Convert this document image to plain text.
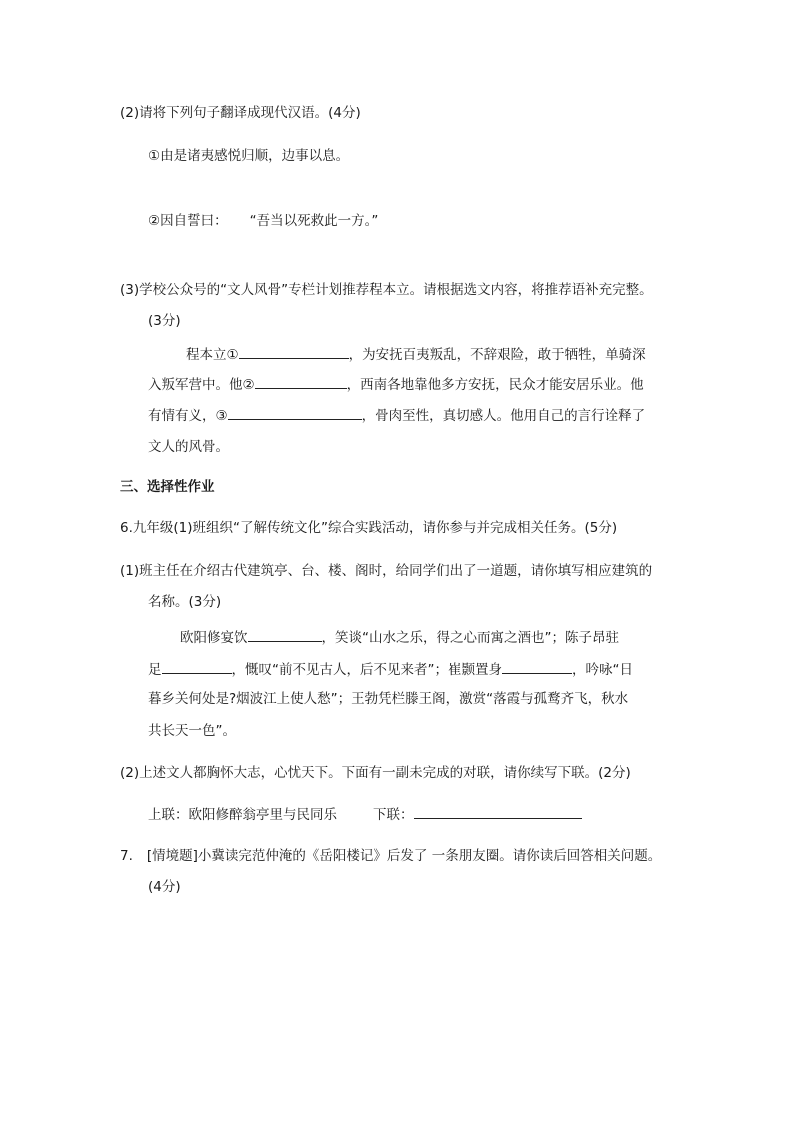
(2)请将下列句子翻译成现代汉语。(4分)
①由是诸夷感悦归顺，边事以息。
②因自誓曰： “吾当以死救此一方。”
(3)学校公众号的“文人风骨”专栏计划推荐程本立。请根据选文内容，将推荐语补充完整。
(3分)
程本立①	，为安抚百夷叛乱，不辞艰险，敢于牺牲，单骑深
入叛军营中。他②	，西南各地靠他多方安抚，民众才能安居乐业。他
有情有义，③	，骨肉至性，真切感人。他用自己的言行诠释了
文人的风骨。
三、选择性作业
6.九年级(1)班组织“了解传统文化”综合实践活动，请你参与并完成相关任务。(5分)
(1)班主任在介绍古代建筑亭、台、楼、阁时，给同学们出了一道题，请你填写相应建筑的
名称。(3分)
欧阳修宴饮	，笑谈“山水之乐，得之心而寓之酒也”；陈子昂驻
足	，慨叹“前不见古人，后不见来者”；崔颢置身	，吟咏“日
暮乡关何处是?烟波江上使人愁”；王勃凭栏滕王阁，激赏“落霞与孤鹜齐飞，秋水
共长天一色”。
(2)上述文人都胸怀大志，心忧天下。下面有一副未完成的对联，请你续写下联。(2分)
上联：欧阳修醉翁亭里与民同乐	下联：
7. [情境题]小冀读完范仲淹的《岳阳楼记》后发了 一条朋友圈。请你读后回答相关问题。
(4分)
